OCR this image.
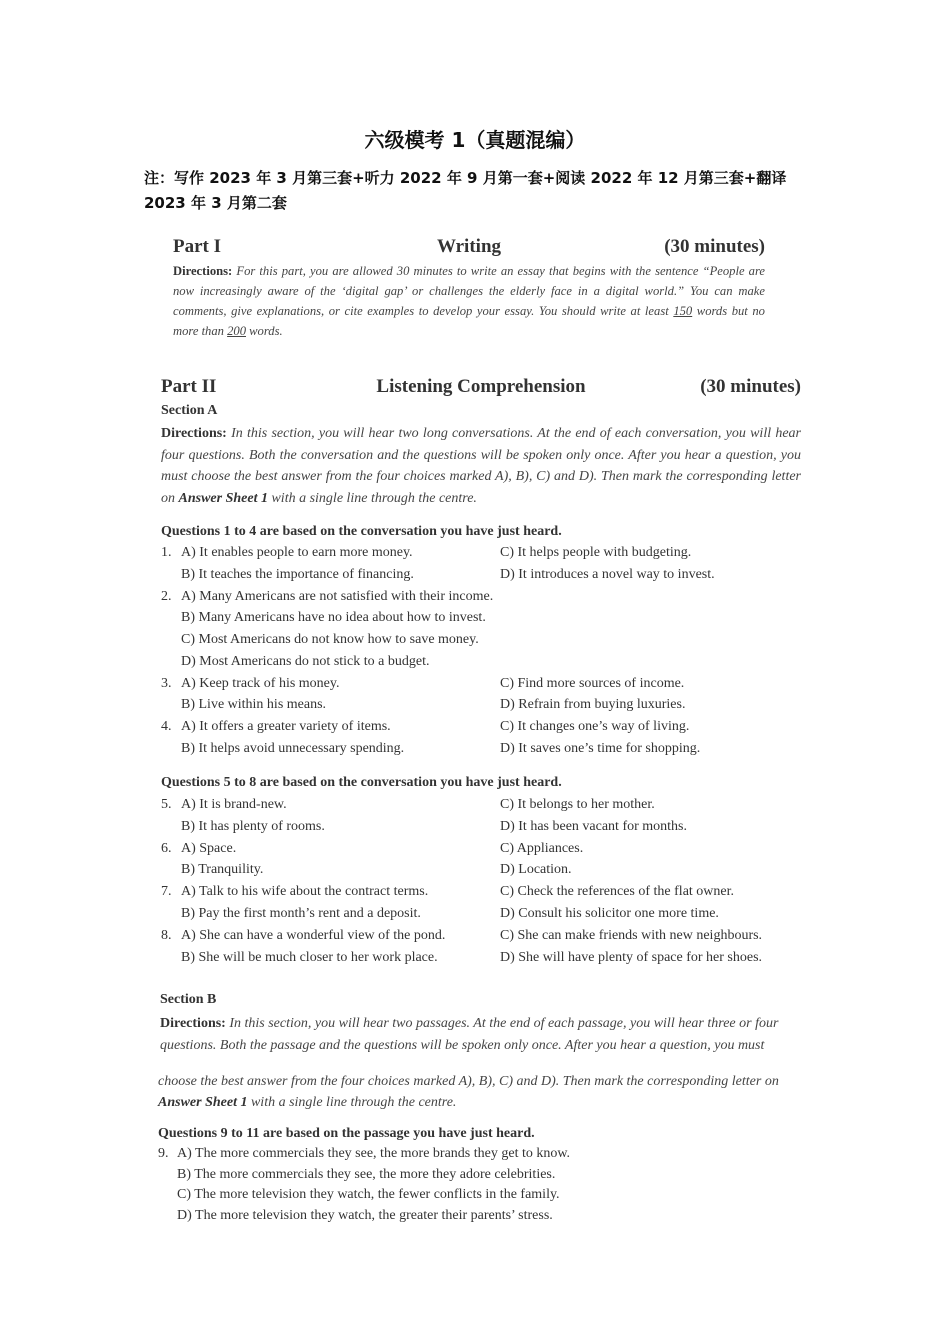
六级模考 1（真题混编）
注：写作 2023 年 3 月第三套+听力 2022 年 9 月第一套+阅读 2022 年 12 月第三套+翻译 2023 年 3 月第二套
Part I	Writing	(30 minutes)
Directions: For this part, you are allowed 30 minutes to write an essay that begins with the sentence “People are now increasingly aware of the ‘digital gap’ or challenges the elderly face in a digital world.” You can make comments, give explanations, or cite examples to develop your essay. You should write at least 150 words but no more than 200 words.
Part II	Listening Comprehension	(30 minutes)
Section A
Directions: In this section, you will hear two long conversations. At the end of each conversation, you will hear four questions. Both the conversation and the questions will be spoken only once. After you hear a question, you must choose the best answer from the four choices marked A), B), C) and D). Then mark the corresponding letter on Answer Sheet 1 with a single line through the centre.
Questions 1 to 4 are based on the conversation you have just heard.
1. A) It enables people to earn more money.	C) It helps people with budgeting.
B) It teaches the importance of financing.	D) It introduces a novel way to invest.
2. A) Many Americans are not satisfied with their income.
B) Many Americans have no idea about how to invest.
C) Most Americans do not know how to save money.
D) Most Americans do not stick to a budget.
3. A) Keep track of his money.	C) Find more sources of income.
B) Live within his means.	D) Refrain from buying luxuries.
4. A) It offers a greater variety of items.	C) It changes one’s way of living.
B) It helps avoid unnecessary spending.	D) It saves one’s time for shopping.
Questions 5 to 8 are based on the conversation you have just heard.
5. A) It is brand-new.	C) It belongs to her mother.
B) It has plenty of rooms.	D) It has been vacant for months.
6. A) Space.	C) Appliances.
B) Tranquility.	D) Location.
7. A) Talk to his wife about the contract terms.	C) Check the references of the flat owner.
B) Pay the first month’s rent and a deposit.	D) Consult his solicitor one more time.
8. A) She can have a wonderful view of the pond.	C) She can make friends with new neighbours.
B) She will be much closer to her work place.	D) She will have plenty of space for her shoes.
Section B
Directions: In this section, you will hear two passages. At the end of each passage, you will hear three or four
questions. Both the passage and the questions will be spoken only once. After you hear a question, you must
choose the best answer from the four choices marked A), B), C) and D). Then mark the corresponding letter on
Answer Sheet 1 with a single line through the centre.
Questions 9 to 11 are based on the passage you have just heard.
9. A) The more commercials they see, the more brands they get to know.
B) The more commercials they see, the more they adore celebrities.
C) The more television they watch, the fewer conflicts in the family.
D) The more television they watch, the greater their parents’ stress.
